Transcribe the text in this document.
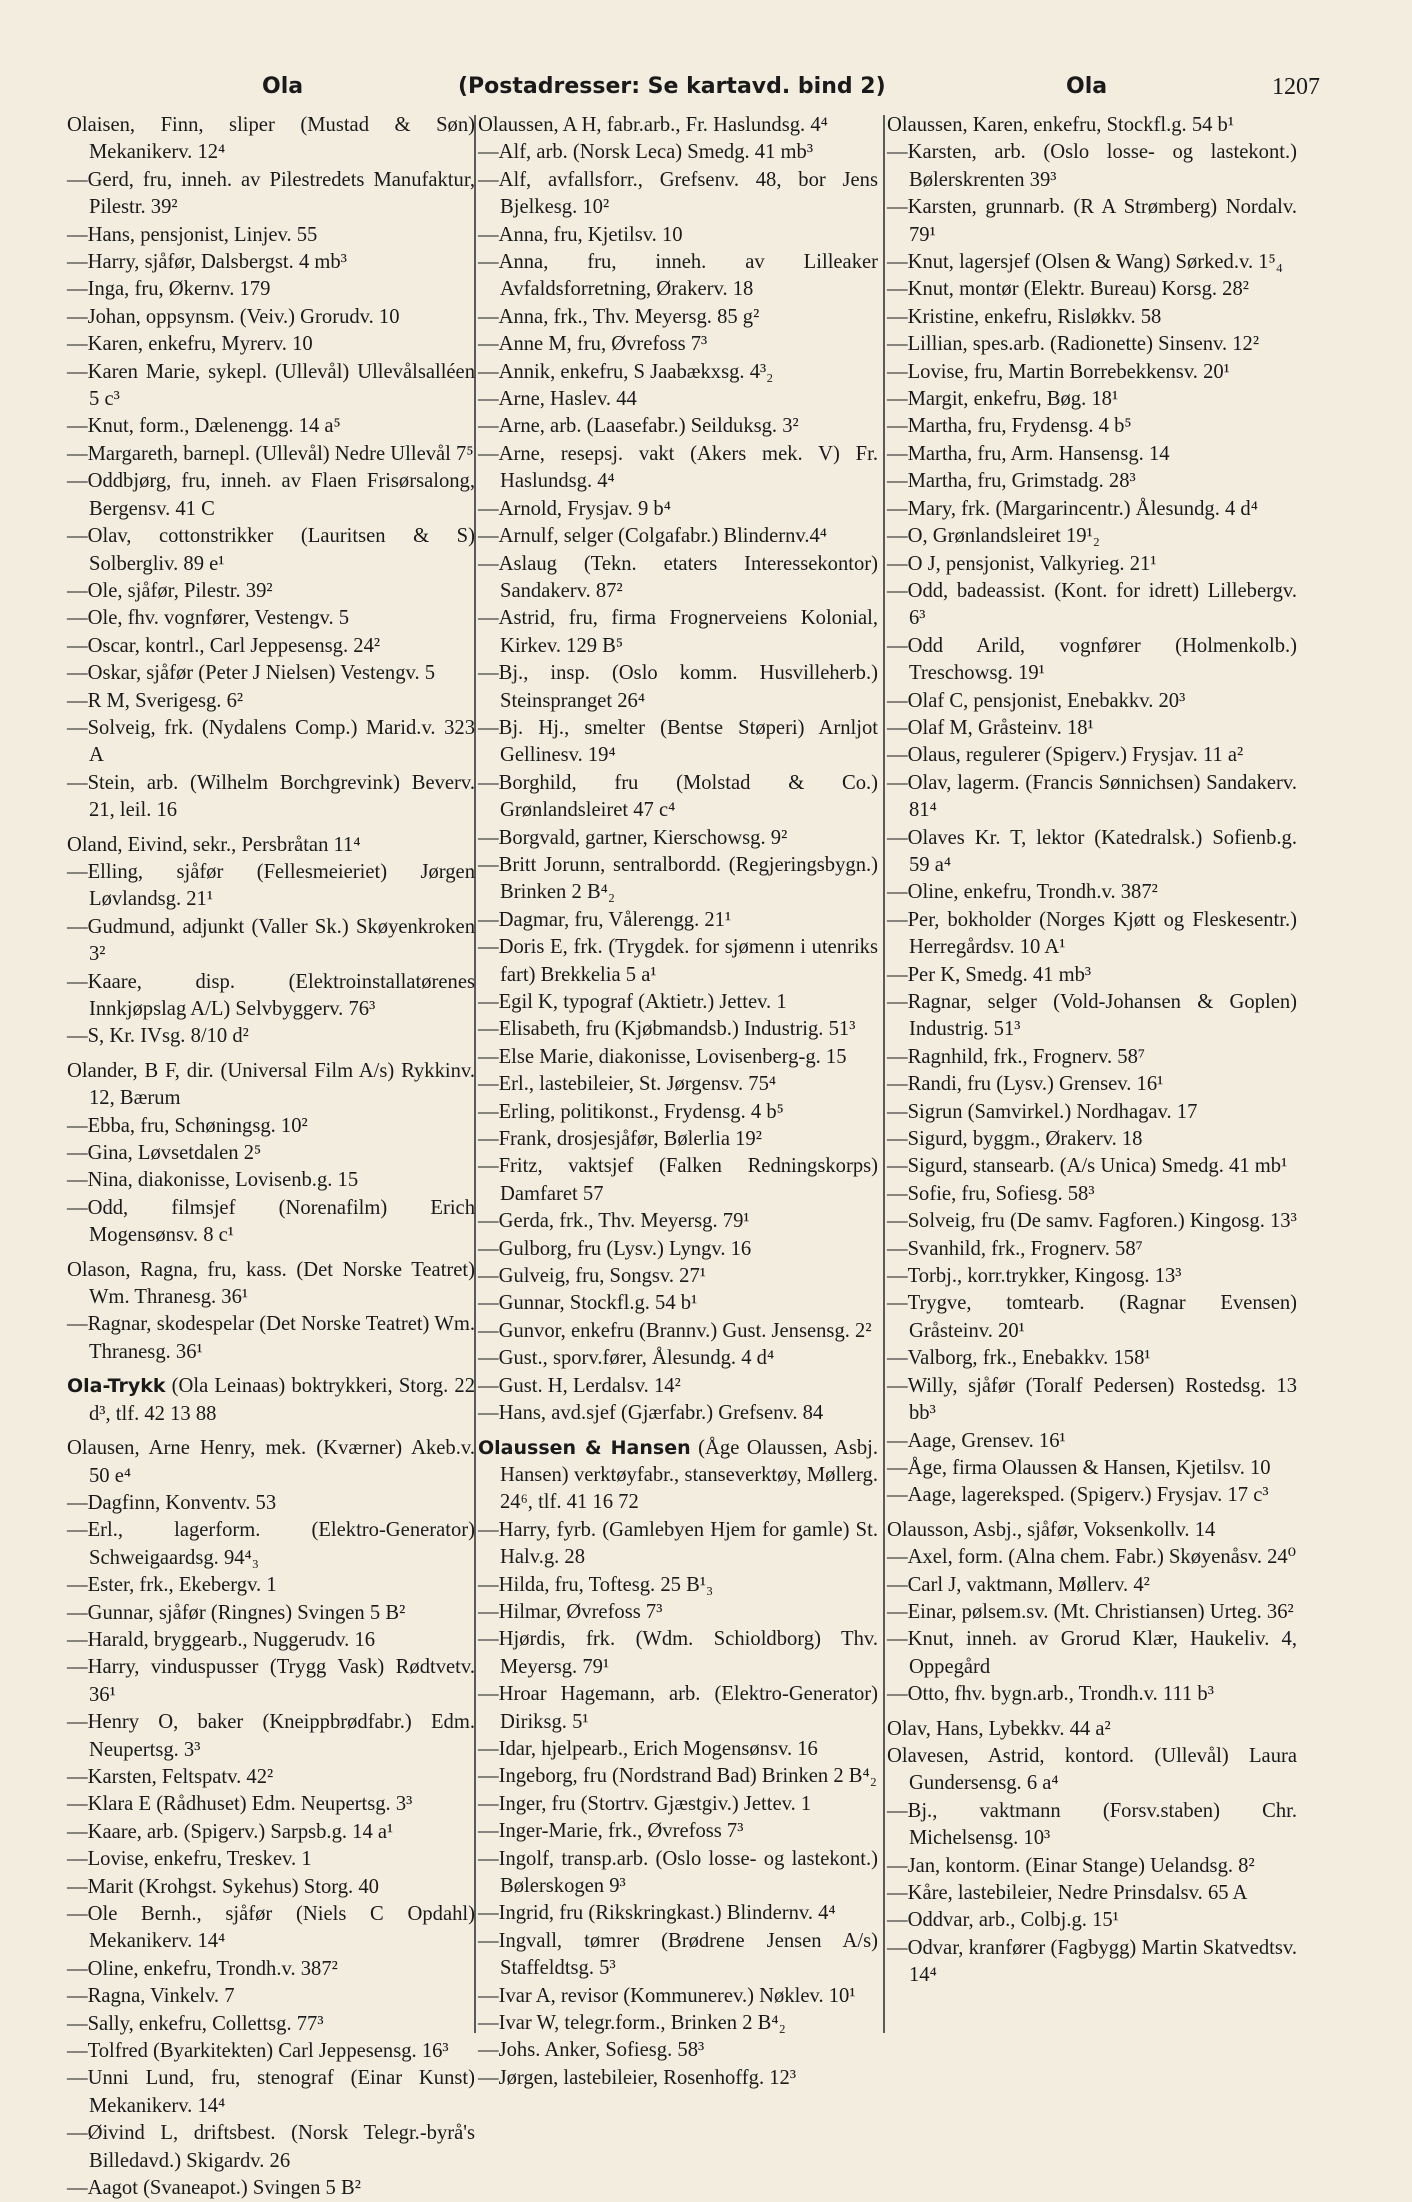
Ola	(Postadresser: Se kartavd. bind 2)	Ola	1207
Olaisen, Finn, sliper (Mustad & Søn) Mekanikerv. 12⁴
—Gerd, fru, inneh. av Pilestredets Manufaktur, Pilestr. 39²
—Hans, pensjonist, Linjev. 55
—Harry, sjåfør, Dalsbergst. 4 mb³
—Inga, fru, Økernv. 179
—Johan, oppsynsm. (Veiv.) Grorudv. 10
—Karen, enkefru, Myrerv. 10
—Karen Marie, sykepl. (Ullevål) Ullevålsalléen 5 c³
—Knut, form., Dælenengg. 14 a⁵
—Margareth, barnepl. (Ullevål) Nedre Ullevål 7⁵
—Oddbjørg, fru, inneh. av Flaen Frisørsalong, Bergensv. 41 C
—Olav, cottonstrikker (Lauritsen & S) Solbergliv. 89 e¹
—Ole, sjåfør, Pilestr. 39²
—Ole, fhv. vognfører, Vestengv. 5
—Oscar, kontrl., Carl Jeppesensg. 24²
—Oskar, sjåfør (Peter J Nielsen) Vestengv. 5
—R M, Sverigesg. 6²
—Solveig, frk. (Nydalens Comp.) Marid.v. 323 A
—Stein, arb. (Wilhelm Borchgrevink) Beverv. 21, leil. 16
Oland, Eivind, sekr., Persbråtan 11⁴
—Elling, sjåfør (Fellesmeieriet) Jørgen Løvlandsg. 21¹
—Gudmund, adjunkt (Valler Sk.) Skøyenkroken 3²
—Kaare, disp. (Elektroinstallatørenes Innkjøpslag A/L) Selvbyggerv. 76³
—S, Kr. IVsg. 8/10 d²
Olander, B F, dir. (Universal Film A/s) Rykkinv. 12, Bærum
—Ebba, fru, Schøningsg. 10²
—Gina, Løvsetdalen 2⁵
—Nina, diakonisse, Lovisenb.g. 15
—Odd, filmsjef (Norenafilm) Erich Mogensønsv. 8 c¹
Olason, Ragna, fru, kass. (Det Norske Teatret) Wm. Thranesg. 36¹
—Ragnar, skodespelar (Det Norske Teatret) Wm. Thranesg. 36¹
Ola-Trykk (Ola Leinaas) boktrykkeri, Storg. 22 d³, tlf. 42 13 88
Olausen, Arne Henry, mek. (Kværner) Akeb.v. 50 e⁴
—Dagfinn, Konventv. 53
—Erl., lagerform. (Elektro-Generator) Schweigaardsg. 94⁴₃
—Ester, frk., Ekebergv. 1
—Gunnar, sjåfør (Ringnes) Svingen 5 B²
—Harald, bryggearb., Nuggerudv. 16
—Harry, vinduspusser (Trygg Vask) Rødtvetv. 36¹
—Henry O, baker (Kneippbrødfabr.) Edm. Neupertsg. 3³
—Karsten, Feltspatv. 42²
—Klara E (Rådhuset) Edm. Neupertsg. 3³
—Kaare, arb. (Spigerv.) Sarpsb.g. 14 a¹
—Lovise, enkefru, Treskev. 1
—Marit (Krohgst. Sykehus) Storg. 40
—Ole Bernh., sjåfør (Niels C Opdahl) Mekanikerv. 14⁴
—Oline, enkefru, Trondh.v. 387²
—Ragna, Vinkelv. 7
—Sally, enkefru, Collettsg. 77³
—Tolfred (Byarkitekten) Carl Jeppesensg. 16³
—Unni Lund, fru, stenograf (Einar Kunst) Mekanikerv. 14⁴
—Øivind L, driftsbest. (Norsk Telegr.-byrå's Billedavd.) Skigardv. 26
—Aagot (Svaneapot.) Svingen 5 B²
Olaussen, A H, fabr.arb., Fr. Haslundsg. 4⁴
—Alf, arb. (Norsk Leca) Smedg. 41 mb³
—Alf, avfallsforr., Grefsenv. 48, bor Jens Bjelkesg. 10²
—Anna, fru, Kjetilsv. 10
—Anna, fru, inneh. av Lilleaker Avfaldsforretning, Ørakerv. 18
—Anna, frk., Thv. Meyersg. 85 g²
—Anne M, fru, Øvrefoss 7³
—Annik, enkefru, S Jaabækxsg. 4³₂
—Arne, Haslev. 44
—Arne, arb. (Laasefabr.) Seilduksg. 3²
—Arne, resepsj. vakt (Akers mek. V) Fr. Haslundsg. 4⁴
—Arnold, Frysjav. 9 b⁴
—Arnulf, selger (Colgafabr.) Blindernv.4⁴
—Aslaug (Tekn. etaters Interessekontor) Sandakerv. 87²
—Astrid, fru, firma Frognerveiens Kolonial, Kirkev. 129 B⁵
—Bj., insp. (Oslo komm. Husvilleherb.) Steinspranget 26⁴
—Bj. Hj., smelter (Bentse Støperi) Arnljot Gellinesv. 19⁴
—Borghild, fru (Molstad & Co.) Grønlandsleiret 47 c⁴
—Borgvald, gartner, Kierschowsg. 9²
—Britt Jorunn, sentralbordd. (Regjeringsbygn.) Brinken 2 B⁴₂
—Dagmar, fru, Vålerengg. 21¹
—Doris E, frk. (Trygdek. for sjømenn i utenriks fart) Brekkelia 5 a¹
—Egil K, typograf (Aktietr.) Jettev. 1
—Elisabeth, fru (Kjøbmandsb.) Industrig. 51³
—Else Marie, diakonisse, Lovisenberg-g. 15
—Erl., lastebileier, St. Jørgensv. 75⁴
—Erling, politikonst., Frydensg. 4 b⁵
—Frank, drosjesjåfør, Bølerlia 19²
—Fritz, vaktsjef (Falken Redningskorps) Damfaret 57
—Gerda, frk., Thv. Meyersg. 79¹
—Gulborg, fru (Lysv.) Lyngv. 16
—Gulveig, fru, Songsv. 27¹
—Gunnar, Stockfl.g. 54 b¹
—Gunvor, enkefru (Brannv.) Gust. Jensensg. 2²
—Gust., sporv.fører, Ålesundg. 4 d⁴
—Gust. H, Lerdalsv. 14²
—Hans, avd.sjef (Gjærfabr.) Grefsenv. 84
Olaussen & Hansen (Åge Olaussen, Asbj. Hansen) verktøyfabr., stanseverktøy, Møllerg. 24⁶, tlf. 41 16 72
—Harry, fyrb. (Gamlebyen Hjem for gamle) St. Halv.g. 28
—Hilda, fru, Toftesg. 25 B¹₃
—Hilmar, Øvrefoss 7³
—Hjørdis, frk. (Wdm. Schioldborg) Thv. Meyersg. 79¹
—Hroar Hagemann, arb. (Elektro-Generator) Diriksg. 5¹
—Idar, hjelpearb., Erich Mogensønsv. 16
—Ingeborg, fru (Nordstrand Bad) Brinken 2 B⁴₂
—Inger, fru (Stortrv. Gjæstgiv.) Jettev. 1
—Inger-Marie, frk., Øvrefoss 7³
—Ingolf, transp.arb. (Oslo losse- og lastekont.) Bølerskogen 9³
—Ingrid, fru (Rikskringkast.) Blindernv. 4⁴
—Ingvall, tømrer (Brødrene Jensen A/s) Staffeldtsg. 5³
—Ivar A, revisor (Kommunerev.) Nøklev. 10¹
—Ivar W, telegr.form., Brinken 2 B⁴₂
—Johs. Anker, Sofiesg. 58³
—Jørgen, lastebileier, Rosenhoffg. 12³
Olaussen, Karen, enkefru, Stockfl.g. 54 b¹
—Karsten, arb. (Oslo losse- og lastekont.) Bølerskrenten 39³
—Karsten, grunnarb. (R A Strømberg) Nordalv. 79¹
—Knut, lagersjef (Olsen & Wang) Sørked.v. 1⁵₄
—Knut, montør (Elektr. Bureau) Korsg. 28²
—Kristine, enkefru, Risløkkv. 58
—Lillian, spes.arb. (Radionette) Sinsenv. 12²
—Lovise, fru, Martin Borrebekkensv. 20¹
—Margit, enkefru, Bøg. 18¹
—Martha, fru, Frydensg. 4 b⁵
—Martha, fru, Arm. Hansensg. 14
—Martha, fru, Grimstadg. 28³
—Mary, frk. (Margarincentr.) Ålesundg. 4 d⁴
—O, Grønlandsleiret 19¹₂
—O J, pensjonist, Valkyrieg. 21¹
—Odd, badeassist. (Kont. for idrett) Lillebergv. 6³
—Odd Arild, vognfører (Holmenkolb.) Treschowsg. 19¹
—Olaf C, pensjonist, Enebakkv. 20³
—Olaf M, Gråsteinv. 18¹
—Olaus, regulerer (Spigerv.) Frysjav. 11 a²
—Olav, lagerm. (Francis Sønnichsen) Sandakerv. 81⁴
—Olaves Kr. T, lektor (Katedralsk.) Sofienb.g. 59 a⁴
—Oline, enkefru, Trondh.v. 387²
—Per, bokholder (Norges Kjøtt og Fleskesentr.) Herregårdsv. 10 A¹
—Per K, Smedg. 41 mb³
—Ragnar, selger (Vold-Johansen & Goplen) Industrig. 51³
—Ragnhild, frk., Frognerv. 58⁷
—Randi, fru (Lysv.) Grensev. 16¹
—Sigrun (Samvirkel.) Nordhagav. 17
—Sigurd, byggm., Ørakerv. 18
—Sigurd, stansearb. (A/s Unica) Smedg. 41 mb¹
—Sofie, fru, Sofiesg. 58³
—Solveig, fru (De samv. Fagforen.) Kingosg. 13³
—Svanhild, frk., Frognerv. 58⁷
—Torbj., korr.trykker, Kingosg. 13³
—Trygve, tomtearb. (Ragnar Evensen) Gråsteinv. 20¹
—Valborg, frk., Enebakkv. 158¹
—Willy, sjåfør (Toralf Pedersen) Rostedsg. 13 bb³
—Aage, Grensev. 16¹
—Åge, firma Olaussen & Hansen, Kjetilsv. 10
—Aage, lagereksped. (Spigerv.) Frysjav. 17 c³
Olausson, Asbj., sjåfør, Voksenkollv. 14
—Axel, form. (Alna chem. Fabr.) Skøyenåsv. 24⁰
—Carl J, vaktmann, Møllerv. 4²
—Einar, pølsem.sv. (Mt. Christiansen) Urteg. 36²
—Knut, inneh. av Grorud Klær, Haukeliv. 4, Oppegård
—Otto, fhv. bygn.arb., Trondh.v. 111 b³
Olav, Hans, Lybekkv. 44 a²
Olavesen, Astrid, kontord. (Ullevål) Laura Gundersensg. 6 a⁴
—Bj., vaktmann (Forsv.staben) Chr. Michelsensg. 10³
—Jan, kontorm. (Einar Stange) Uelandsg. 8²
—Kåre, lastebileier, Nedre Prinsdalsv. 65 A
—Oddvar, arb., Colbj.g. 15¹
—Odvar, kranfører (Fagbygg) Martin Skatvedtsv. 14⁴
